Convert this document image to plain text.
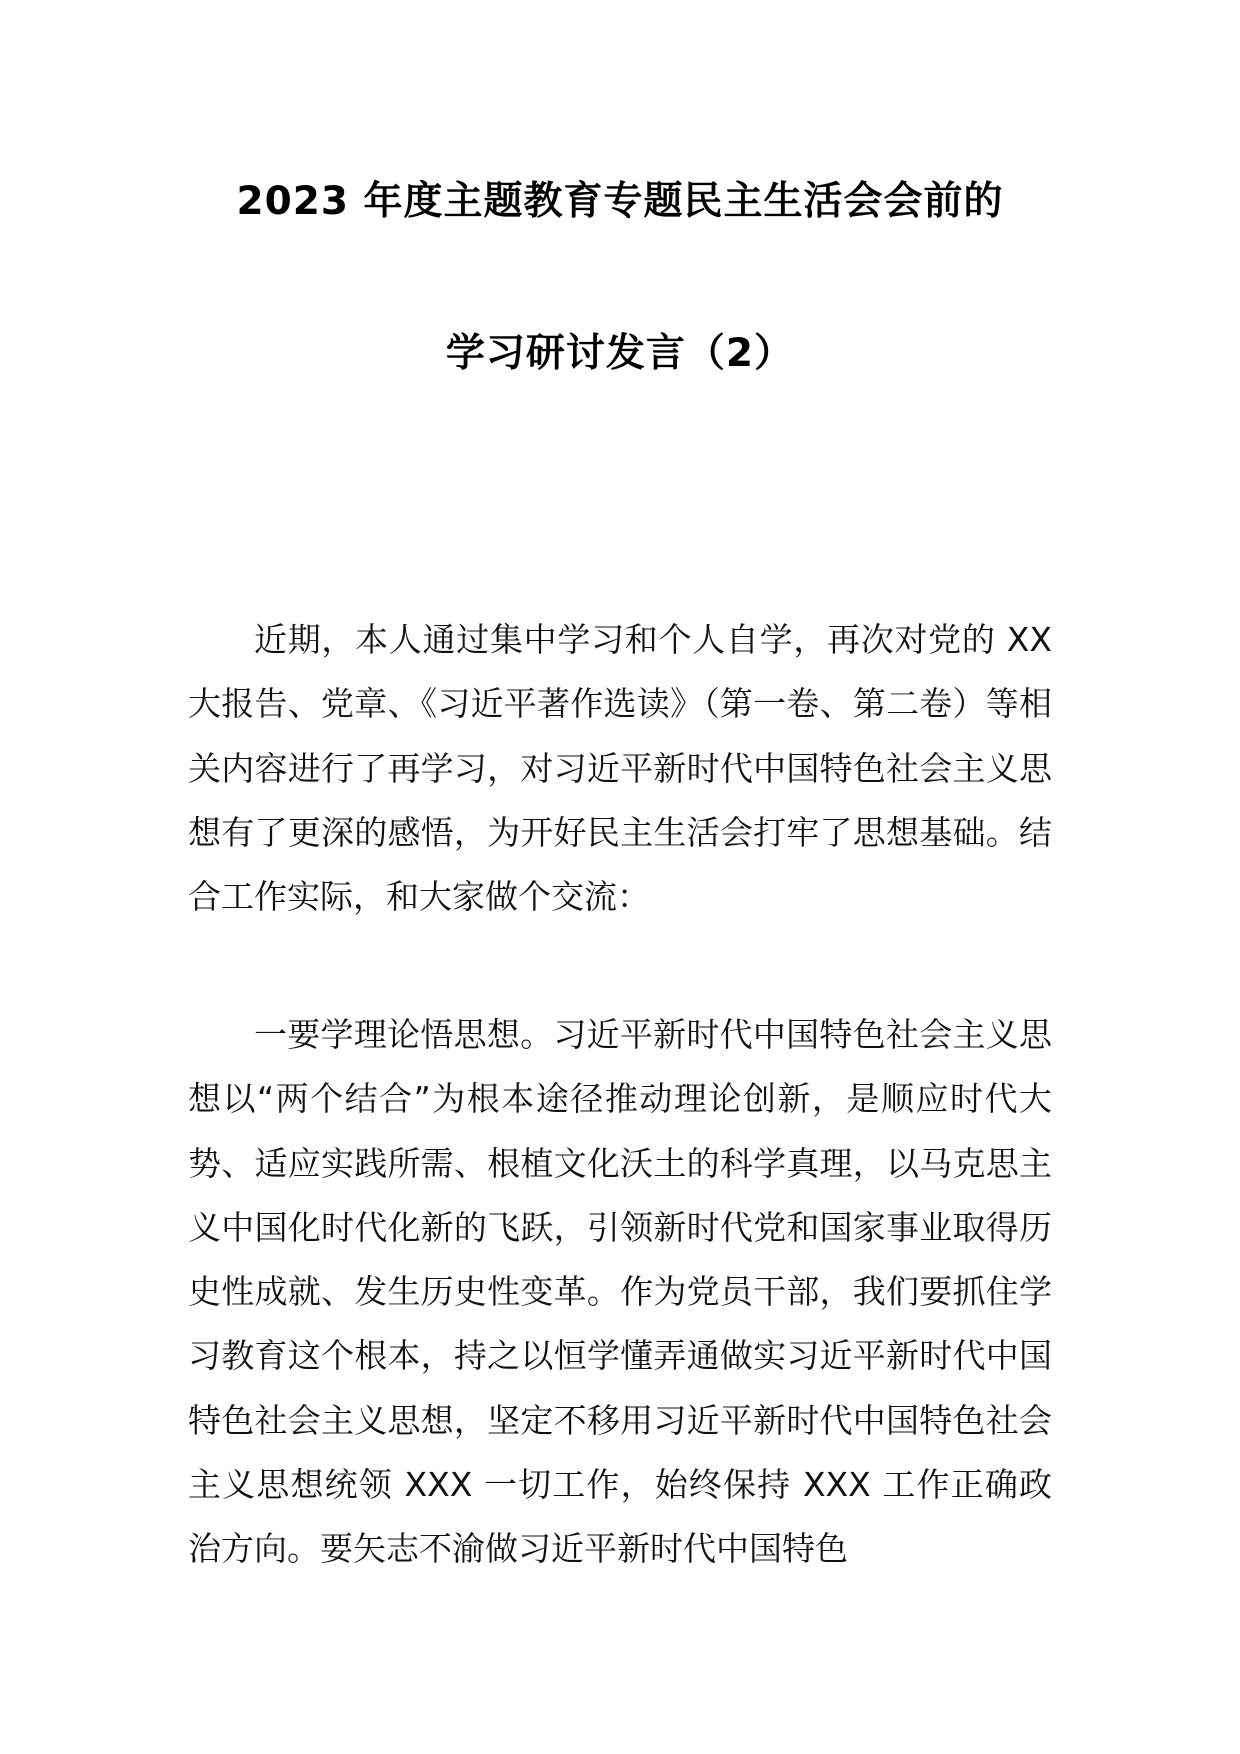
2023 年度主题教育专题民主生活会会前的
学习研讨发言（2）

近期，本人通过集中学习和个人自学，再次对党的 XX 大报告、党章、《习近平著作选读》（第一卷、第二卷）等相关内容进行了再学习，对习近平新时代中国特色社会主义思想有了更深的感悟，为开好民主生活会打牢了思想基础。结合工作实际，和大家做个交流：

一要学理论悟思想。习近平新时代中国特色社会主义思想以“两个结合”为根本途径推动理论创新，是顺应时代大势、适应实践所需、根植文化沃土的科学真理，以马克思主义中国化时代化新的飞跃，引领新时代党和国家事业取得历史性成就、发生历史性变革。作为党员干部，我们要抓住学习教育这个根本，持之以恒学懂弄通做实习近平新时代中国特色社会主义思想，坚定不移用习近平新时代中国特色社会主义思想统领 XXX 一切工作，始终保持 XXX 工作正确政治方向。要矢志不渝做习近平新时代中国特色
